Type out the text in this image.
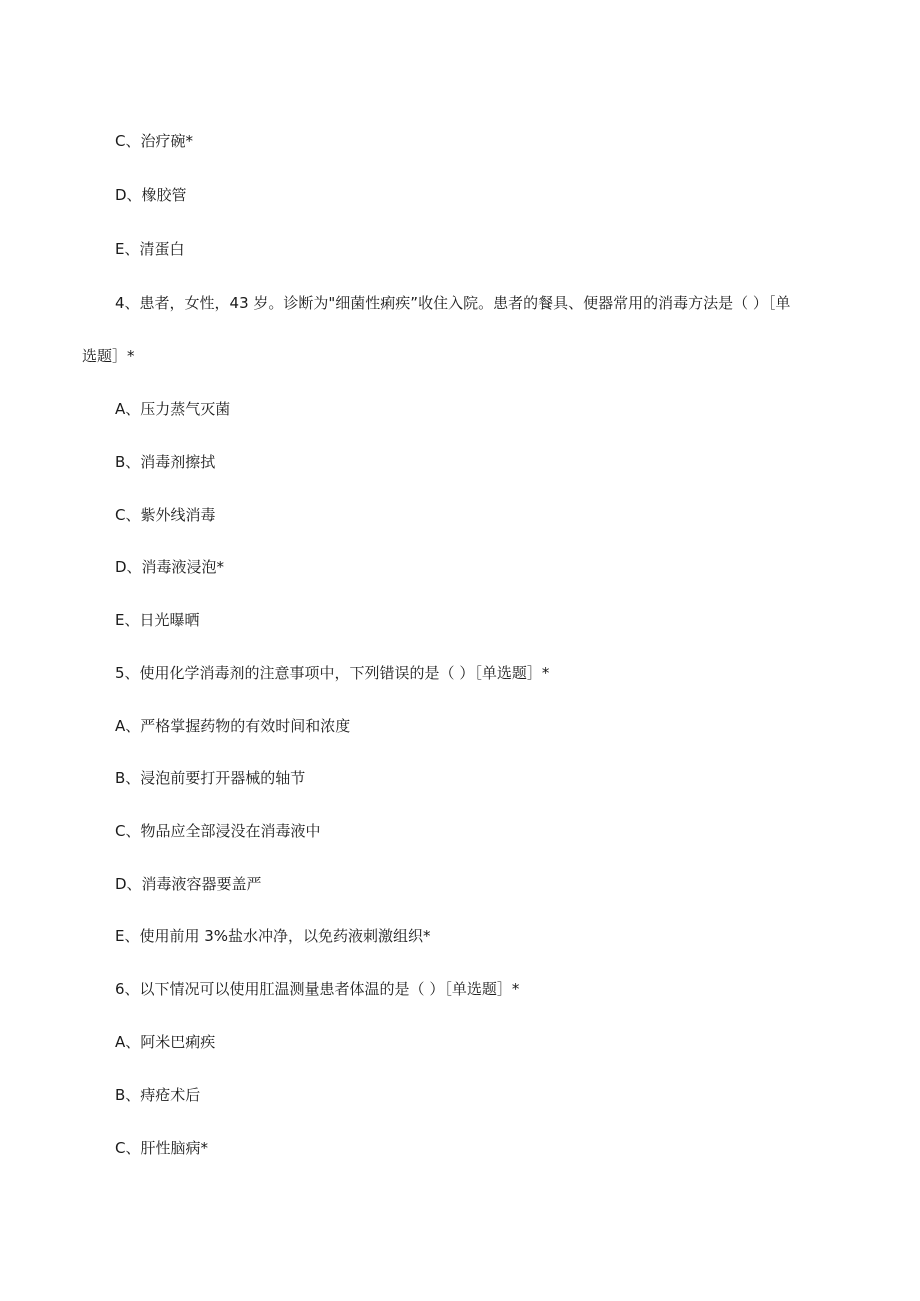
C、治疗碗*
D、橡胶管
E、清蛋白
4、患者，女性，43 岁。诊断为"细菌性痢疾”收住入院。患者的餐具、便器常用的消毒方法是（ ）［单
选题］*
A、压力蒸气灭菌
B、消毒剂擦拭
C、紫外线消毒
D、消毒液浸泡*
E、日光曝晒
5、使用化学消毒剂的注意事项中，下列错误的是（ ）［单选题］*
A、严格掌握药物的有效时间和浓度
B、浸泡前要打开器械的轴节
C、物品应全部浸没在消毒液中
D、消毒液容器要盖严
E、使用前用 3%盐水冲净，以免药液刺激组织*
6、以下情况可以使用肛温测量患者体温的是（ ）［单选题］*
A、阿米巴痢疾
B、痔疮术后
C、肝性脑病*
